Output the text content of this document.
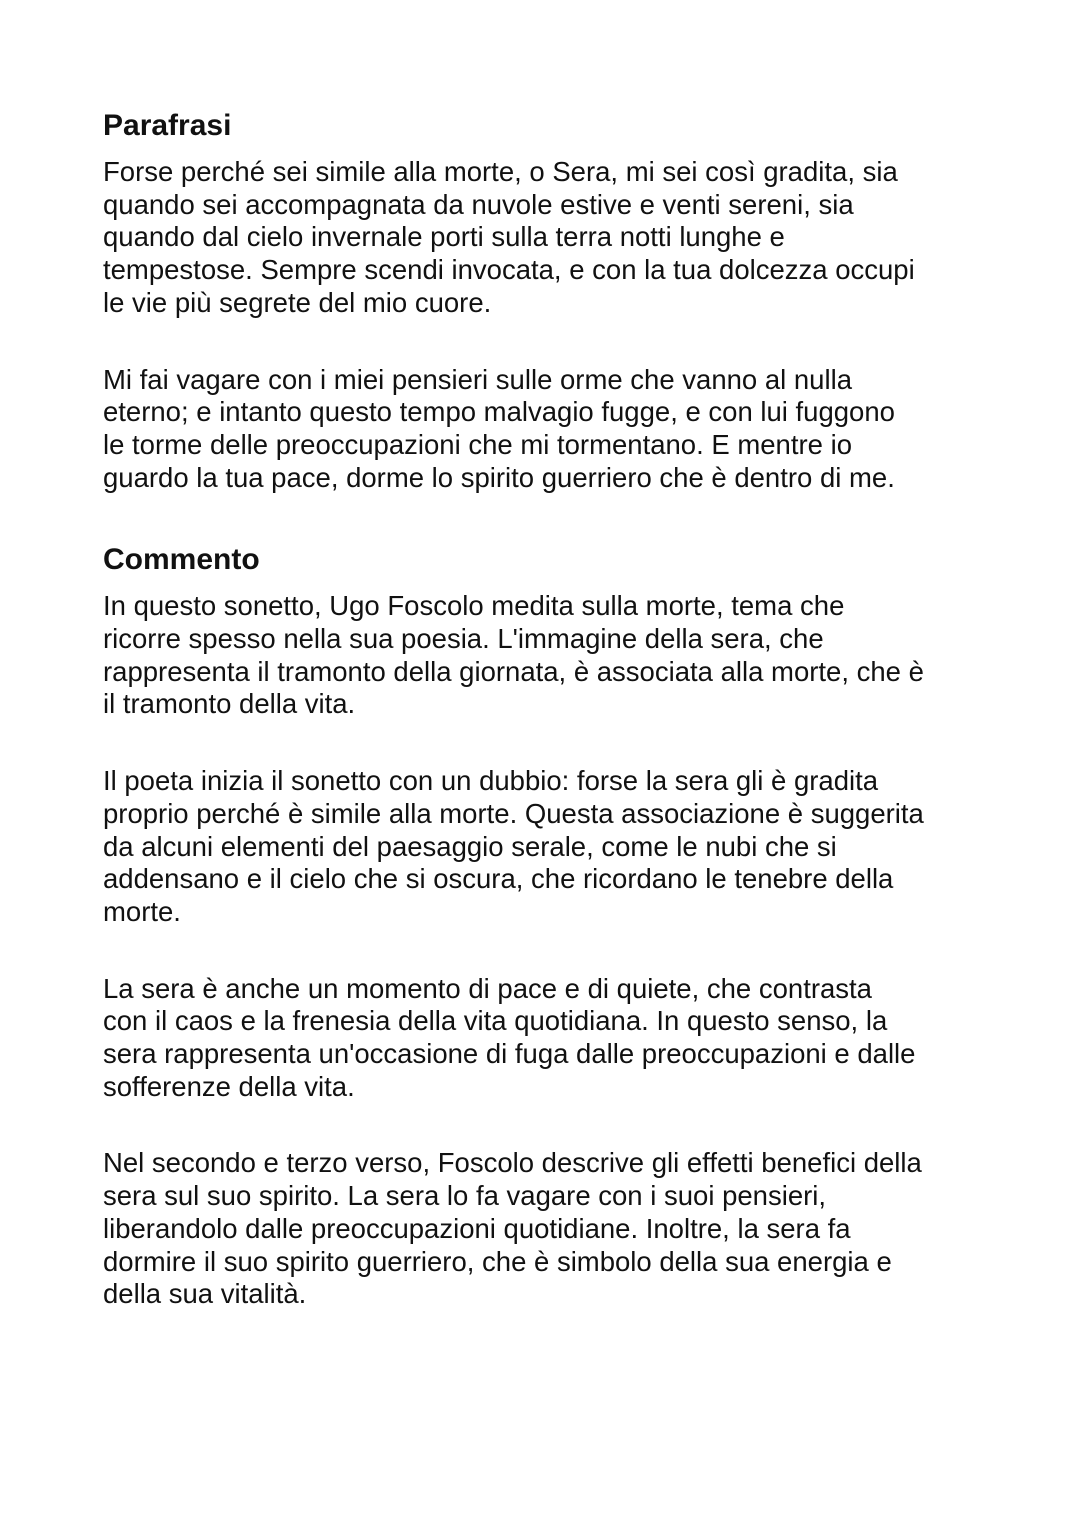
Parafrasi

Forse perché sei simile alla morte, o Sera, mi sei così gradita, sia
quando sei accompagnata da nuvole estive e venti sereni, sia
quando dal cielo invernale porti sulla terra notti lunghe e
tempestose. Sempre scendi invocata, e con la tua dolcezza occupi
le vie più segrete del mio cuore.

Mi fai vagare con i miei pensieri sulle orme che vanno al nulla
eterno; e intanto questo tempo malvagio fugge, e con lui fuggono
le torme delle preoccupazioni che mi tormentano. E mentre io
guardo la tua pace, dorme lo spirito guerriero che è dentro di me.

Commento

In questo sonetto, Ugo Foscolo medita sulla morte, tema che
ricorre spesso nella sua poesia. L'immagine della sera, che
rappresenta il tramonto della giornata, è associata alla morte, che è
il tramonto della vita.

Il poeta inizia il sonetto con un dubbio: forse la sera gli è gradita
proprio perché è simile alla morte. Questa associazione è suggerita
da alcuni elementi del paesaggio serale, come le nubi che si
addensano e il cielo che si oscura, che ricordano le tenebre della
morte.

La sera è anche un momento di pace e di quiete, che contrasta
con il caos e la frenesia della vita quotidiana. In questo senso, la
sera rappresenta un'occasione di fuga dalle preoccupazioni e dalle
sofferenze della vita.

Nel secondo e terzo verso, Foscolo descrive gli effetti benefici della
sera sul suo spirito. La sera lo fa vagare con i suoi pensieri,
liberandolo dalle preoccupazioni quotidiane. Inoltre, la sera fa
dormire il suo spirito guerriero, che è simbolo della sua energia e
della sua vitalità.
